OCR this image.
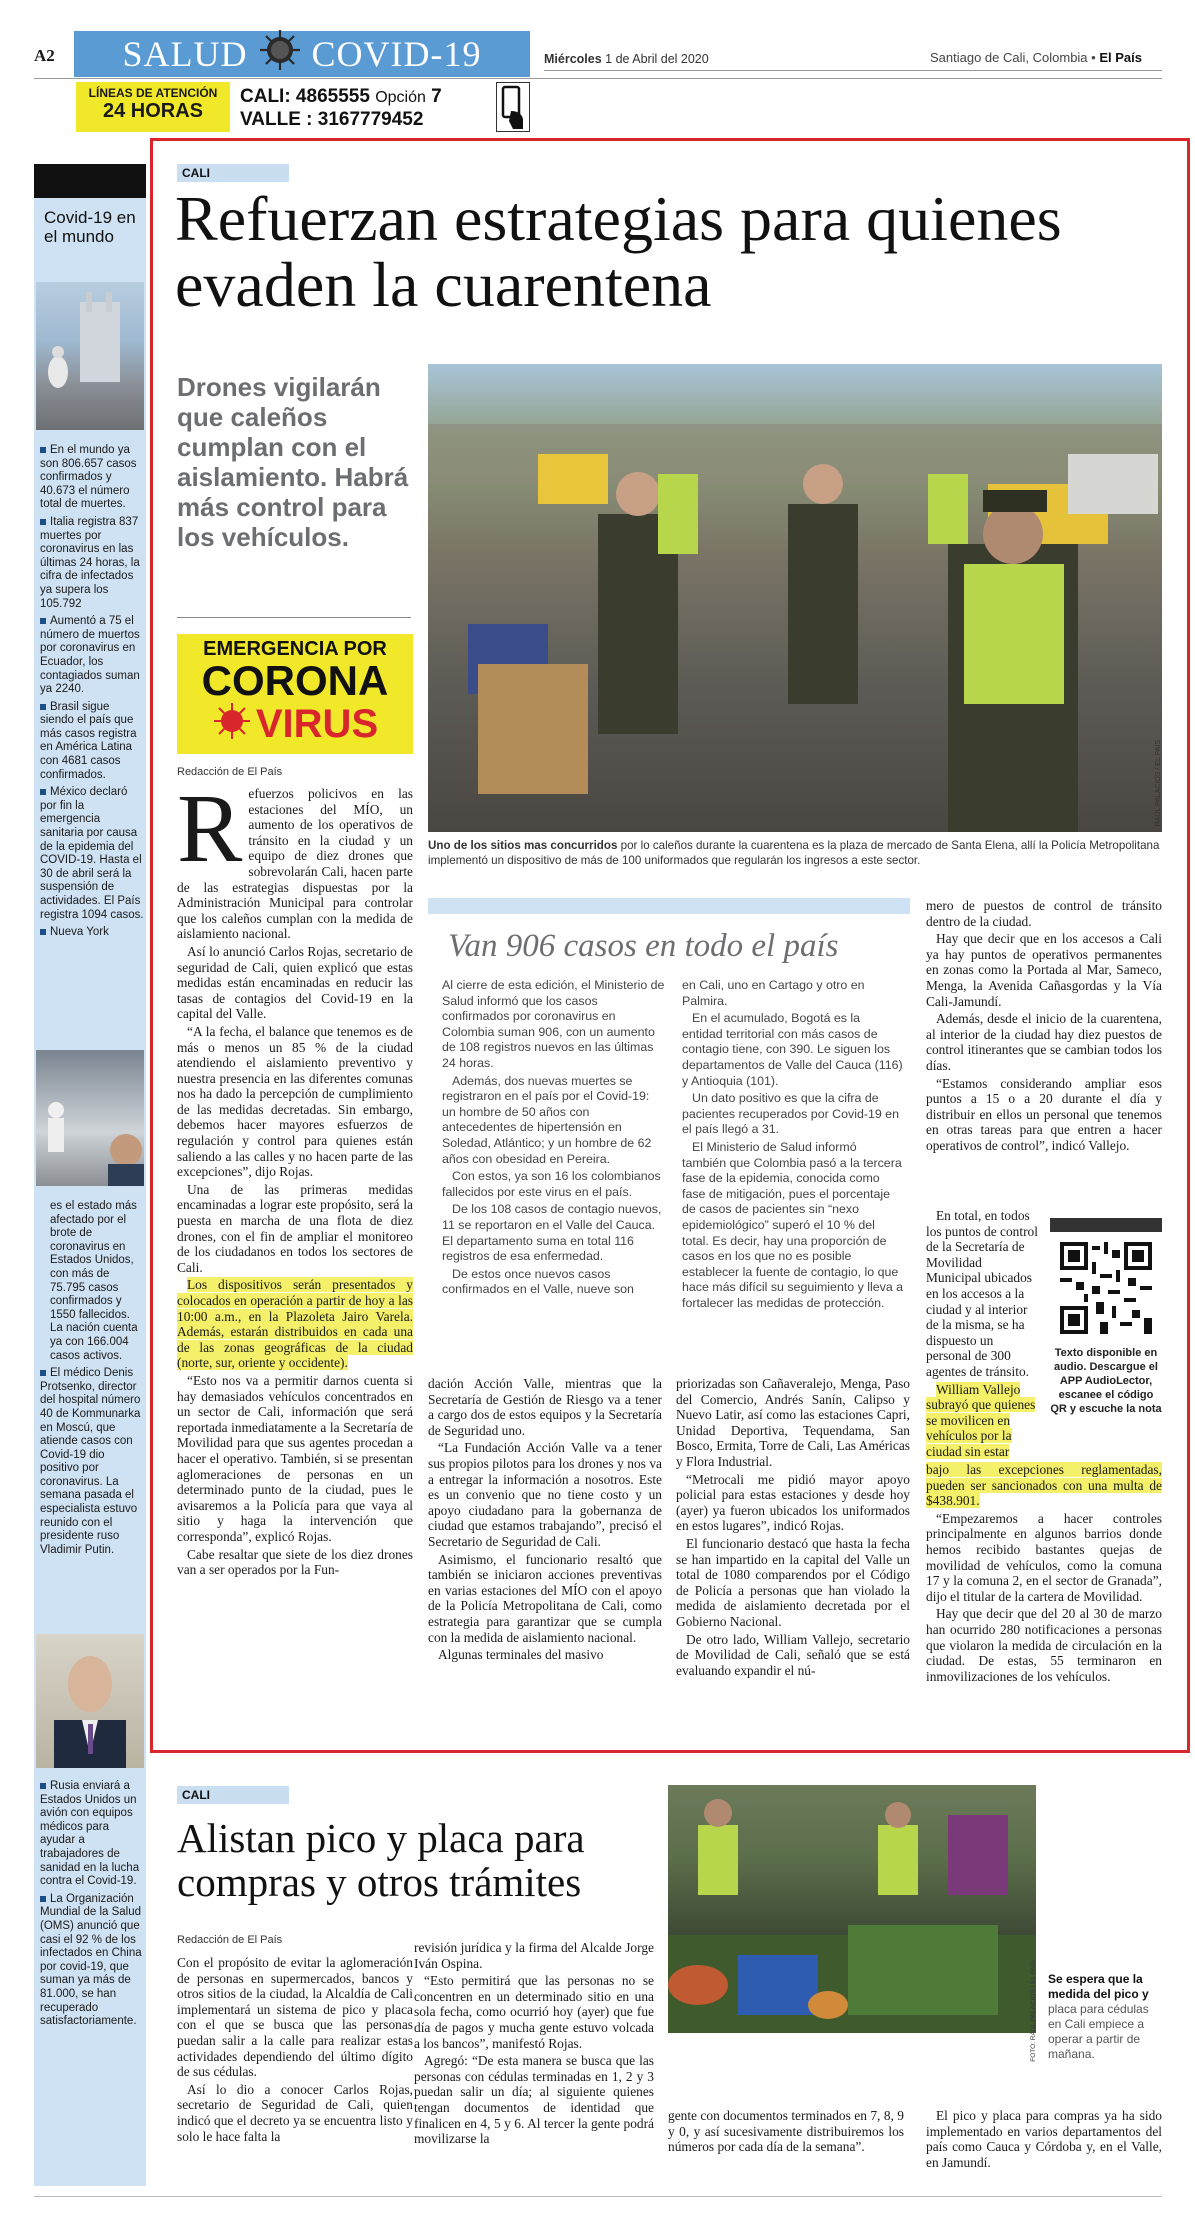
A2 SALUD COVID-19
LÍNEAS DE ATENCIÓN
24 HORAS
CALI: 4865555 Opción 7
VALLE : 3167779452
Miércoles 1 de Abril del 2020	Santiago de Cali, Colombia • El País
Covid-19 en el mundo
En el mundo ya son 806.657 casos confirmados y 40.673 el número total de muertes.
Italia registra 837 muertes por coronavirus en las últimas 24 horas, la cifra de infectados ya supera los 105.792
Aumentó a 75 el número de muertos por coronavirus en Ecuador, los contagiados suman ya 2240.
Brasil sigue siendo el país que más casos registra en América Latina con 4681 casos confirmados.
México declaró por fin la emergencia sanitaria por causa de la epidemia del COVID-19. Hasta el 30 de abril será la suspensión de actividades. El País registra 1094 casos.
Nueva York
es el estado más afectado por el brote de coronavirus en Estados Unidos, con más de 75.795 casos confirmados y 1550 fallecidos. La nación cuenta ya con 166.004 casos activos.
El médico Denis Protsenko, director del hospital número 40 de Kommunarka en Moscú, que atiende casos con Covid-19 dio positivo por coronavirus. La semana pasada el especialista estuvo reunido con el presidente ruso Vladimir Putin.
Rusia enviará a Estados Unidos un avión con equipos médicos para ayudar a trabajadores de sanidad en la lucha contra el Covid-19.
La Organización Mundial de la Salud (OMS) anunció que casi el 92 % de los infectados en China por covid-19, que suman ya más de 81.000, se han recuperado satisfactoriamente.
CALI
Refuerzan estrategias para quienes evaden la cuarentena
Drones vigilarán que caleños cumplan con el aislamiento. Habrá más control para los vehículos.
EMERGENCIA POR
CORONA
VIRUS
RAÚL PALACIOS / EL PAÍS
Uno de los sitios mas concurridos por lo caleños durante la cuarentena es la plaza de mercado de Santa Elena, allí la Policía Metropolitana implementó un dispositivo de más de 100 uniformados que regularán los ingresos a este sector.
Redacción de El País
R efuerzos policivos en las estaciones del MÍO, un aumento de los operativos de tránsito en la ciudad y un equipo de diez drones que sobrevolarán Cali, hacen parte de las estrategias dispuestas por la Administración Municipal para controlar que los caleños cumplan con la medida de aislamiento nacional.

Así lo anunció Carlos Rojas, secretario de seguridad de Cali, quien explicó que estas medidas están encaminadas en reducir las tasas de contagios del Covid-19 en la capital del Valle.

“A la fecha, el balance que tenemos es de más o menos un 85 % de la ciudad atendiendo el aislamiento preventivo y nuestra presencia en las diferentes comunas nos ha dado la percepción de cumplimiento de las medidas decretadas. Sin embargo, debemos hacer mayores esfuerzos de regulación y control para quienes están saliendo a las calles y no hacen parte de las excepciones”, dijo Rojas.

Una de las primeras medidas encaminadas a lograr este propósito, será la puesta en marcha de una flota de diez drones, con el fin de ampliar el monitoreo de los ciudadanos en todos los sectores de Cali.

Los dispositivos serán presentados y colocados en operación a partir de hoy a las 10:00 a.m., en la Plazoleta Jairo Varela. Además, estarán distribuidos en cada una de las zonas geográficas de la ciudad (norte, sur, oriente y occidente).

“Esto nos va a permitir darnos cuenta si hay demasiados vehículos concentrados en un sector de Cali, información que será reportada inmediatamente a la Secretaría de Movilidad para que sus agentes procedan a hacer el operativo. También, si se presentan aglomeraciones de personas en un determinado punto de la ciudad, pues le avisaremos a la Policía para que vaya al sitio y haga la intervención que corresponda”, explicó Rojas.

Cabe resaltar que siete de los diez drones van a ser operados por la Fun-

Van 906 casos en todo el país

Al cierre de esta edición, el Ministerio de Salud informó que los casos confirmados por coronavirus en Colombia suman 906, con un aumento de 108 registros nuevos en las últimas 24 horas.

Además, dos nuevas muertes se registraron en el país por el Covid-19: un hombre de 50 años con antecedentes de hipertensión en Soledad, Atlántico; y un hombre de 62 años con obesidad en Pereira.

Con estos, ya son 16 los colombianos fallecidos por este virus en el país.

De los 108 casos de contagio nuevos, 11 se reportaron en el Valle del Cauca. El departamento suma en total 116 registros de esa enfermedad.

De estos once nuevos casos confirmados en el Valle, nueve son

en Cali, uno en Cartago y otro en Palmira.

En el acumulado, Bogotá es la entidad territorial con más casos de contagio tiene, con 390. Le siguen los departamentos de Valle del Cauca (116) y Antioquia (101).

Un dato positivo es que la cifra de pacientes recuperados por Covid-19 en el país llegó a 31.

El Ministerio de Salud informó también que Colombia pasó a la tercera fase de la epidemia, conocida como fase de mitigación, pues el porcentaje de casos de pacientes sin “nexo epidemiológico” superó el 10 % del total. Es decir, hay una proporción de casos en los que no es posible establecer la fuente de contagio, lo que hace más difícil su seguimiento y lleva a fortalecer las medidas de protección.

dación Acción Valle, mientras que la Secretaría de Gestión de Riesgo va a tener a cargo dos de estos equipos y la Secretaría de Seguridad uno.

“La Fundación Acción Valle va a tener sus propios pilotos para los drones y nos va a entregar la información a nosotros. Este es un convenio que no tiene costo y un apoyo ciudadano para la gobernanza de ciudad que estamos trabajando”, precisó el Secretario de Seguridad de Cali.

Asimismo, el funcionario resaltó que también se iniciaron acciones preventivas en varias estaciones del MÍO con el apoyo de la Policía Metropolitana de Cali, como estrategia para garantizar que se cumpla con la medida de aislamiento nacional.

Algunas terminales del masivo

priorizadas son Cañaveralejo, Menga, Paso del Comercio, Andrés Sanín, Calipso y Nuevo Latir, así como las estaciones Capri, Unidad Deportiva, Tequendama, San Bosco, Ermita, Torre de Cali, Las Américas y Flora Industrial.

“Metrocali me pidió mayor apoyo policial para estas estaciones y desde hoy (ayer) ya fueron ubicados los uniformados en estos lugares”, indicó Rojas.

El funcionario destacó que hasta la fecha se han impartido en la capital del Valle un total de 1080 comparendos por el Código de Policía a personas que han violado la medida de aislamiento decretada por el Gobierno Nacional.

De otro lado, William Vallejo, secretario de Movilidad de Cali, señaló que se está evaluando expandir el nú-

mero de puestos de control de tránsito dentro de la ciudad.

Hay que decir que en los accesos a Cali ya hay puntos de operativos permanentes en zonas como la Portada al Mar, Sameco, Menga, la Avenida Cañasgordas y la Vía Cali-Jamundí.

Además, desde el inicio de la cuarentena, al interior de la ciudad hay diez puestos de control itinerantes que se cambian todos los días.

“Estamos considerando ampliar esos puntos a 15 o a 20 durante el día y distribuir en ellos un personal que tenemos en otras tareas para que entren a hacer operativos de control”, indicó Vallejo.

En total, en todos los puntos de control de la Secretaría de Movilidad Municipal ubicados en los accesos a la ciudad y al interior de la misma, se ha dispuesto un personal de 300 agentes de tránsito.

William Vallejo subrayó que quienes se movilicen en vehículos por la ciudad sin estar

Texto disponible en audio. Descargue el APP AudioLector, escanee el código QR y escuche la nota

bajo las excepciones reglamentadas, pueden ser sancionados con una multa de $438.901.

“Empezaremos a hacer controles principalmente en algunos barrios donde hemos recibido bastantes quejas de movilidad de vehículos, como la comuna 17 y la comuna 2, en el sector de Granada”, dijo el titular de la cartera de Movilidad.

Hay que decir que del 20 al 30 de marzo han ocurrido 280 notificaciones a personas que violaron la medida de circulación en la ciudad. De estas, 55 terminaron en inmovilizaciones de los vehículos.

CALI
Alistan pico y placa para compras y otros trámites
Redacción de El País

Con el propósito de evitar la aglomeración de personas en supermercados, bancos y otros sitios de la ciudad, la Alcaldía de Cali implementará un sistema de pico y placa con el que se busca que las personas puedan salir a la calle para realizar estas actividades dependiendo del último dígito de sus cédulas.

Así lo dio a conocer Carlos Rojas, secretario de Seguridad de Cali, quien indicó que el decreto ya se encuentra listo y solo le hace falta la

revisión jurídica y la firma del Alcalde Jorge Iván Ospina.

“Esto permitirá que las personas no se concentren en un determinado sitio en una sola fecha, como ocurrió hoy (ayer) que fue día de pagos y mucha gente estuvo volcada a los bancos”, manifestó Rojas.

Agregó: “De esta manera se busca que las personas con cédulas terminadas en 1, 2 y 3 puedan salir un día; al siguiente quienes tengan documentos de identidad que finalicen en 4, 5 y 6. Al tercer la gente podrá movilizarse la

FOTO: RAÚL PALACIOS / EL PAÍS Se espera que la medida del pico y placa para cédulas en Cali empiece a operar a partir de mañana.

gente con documentos terminados en 7, 8, 9 y 0, y así sucesivamente distribuiremos los números por cada día de la semana”.

El pico y placa para compras ya ha sido implementado en varios departamentos del país como Cauca y Córdoba y, en el Valle, en Jamundí.
